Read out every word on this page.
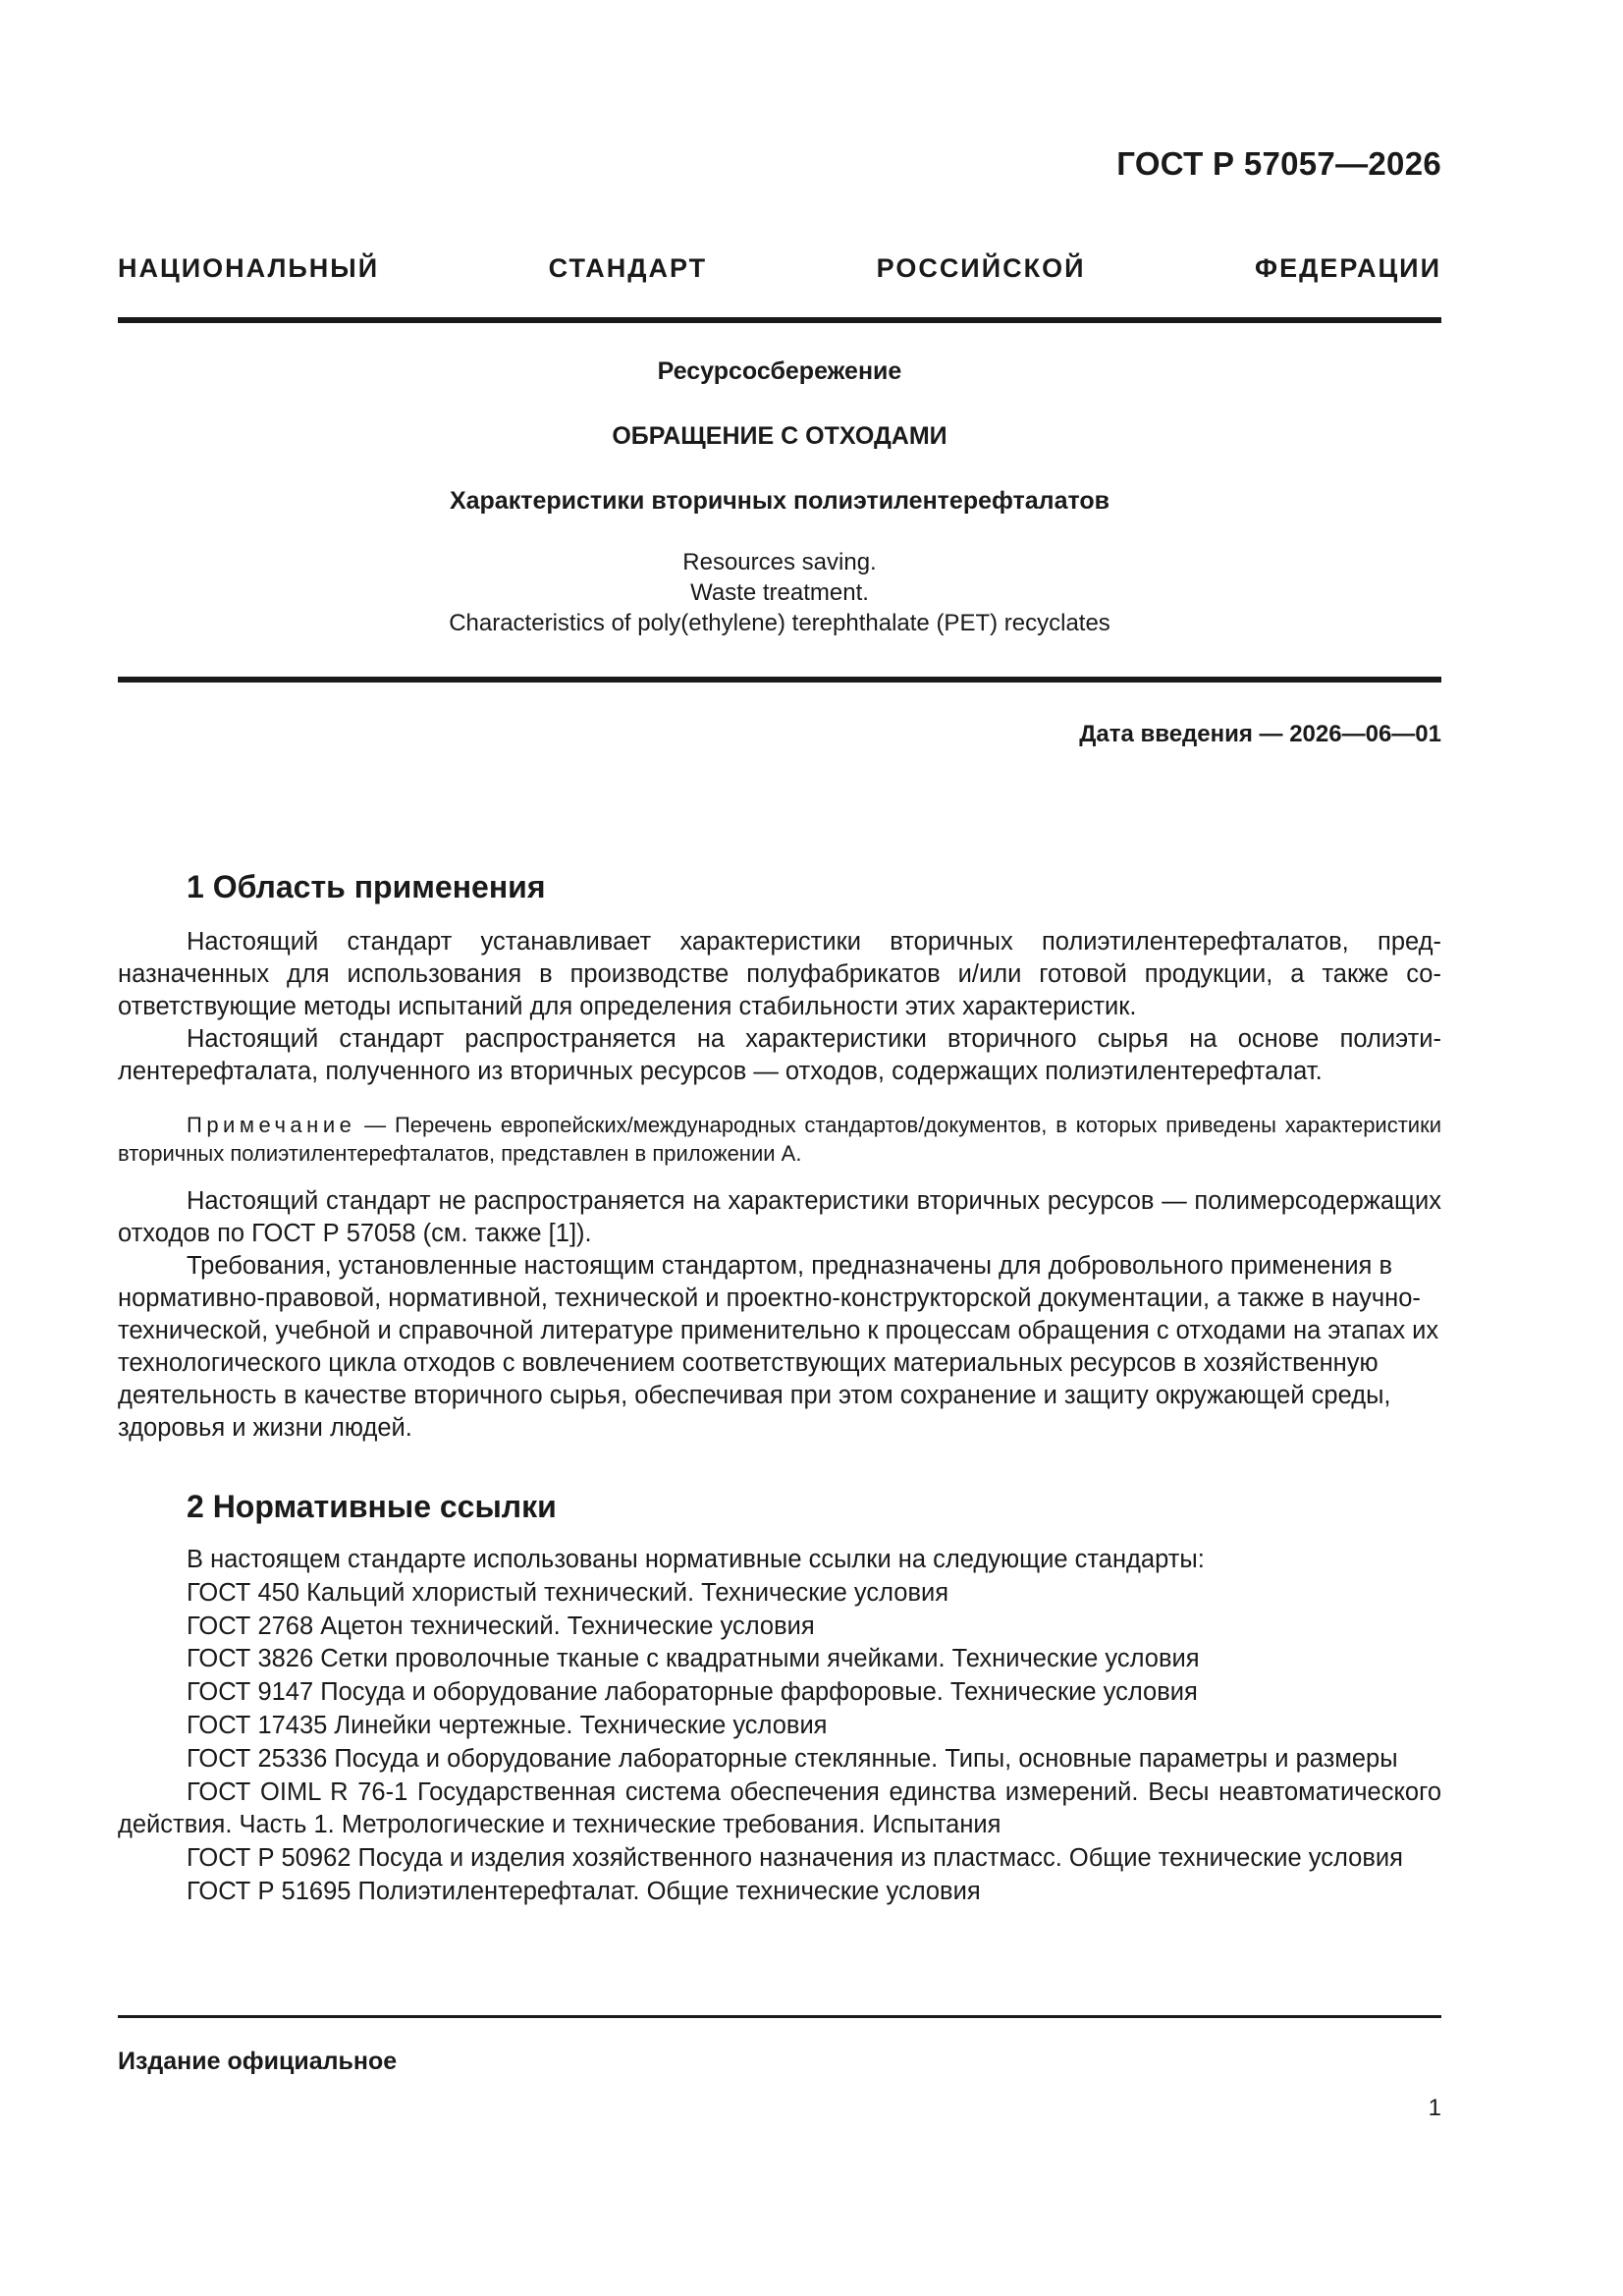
ГОСТ Р 57057—2026
НАЦИОНАЛЬНЫЙ СТАНДАРТ РОССИЙСКОЙ ФЕДЕРАЦИИ
Ресурсосбережение
ОБРАЩЕНИЕ С ОТХОДАМИ
Характеристики вторичных полиэтилентерефталатов
Resources saving.
Waste treatment.
Characteristics of poly(ethylene) terephthalate (PET) recyclates
Дата введения — 2026—06—01
1 Область применения

Настоящий стандарт устанавливает характеристики вторичных полиэтилентерефталатов, предназначенных для использования в производстве полуфабрикатов и/или готовой продукции, а также соответствующие методы испытаний для определения стабильности этих характеристик.

Настоящий стандарт распространяется на характеристики вторичного сырья на основе полиэтилентерефталата, полученного из вторичных ресурсов — отходов, содержащих полиэтилентерефталат.

Примечание — Перечень европейских/международных стандартов/документов, в которых приведены характеристики вторичных полиэтилентерефталатов, представлен в приложении А.

Настоящий стандарт не распространяется на характеристики вторичных ресурсов — полимерсодержащих отходов по ГОСТ Р 57058 (см. также [1]).

Требования, установленные настоящим стандартом, предназначены для добровольного применения в нормативно-правовой, нормативной, технической и проектно-конструкторской документации, а также в научно-технической, учебной и справочной литературе применительно к процессам обращения с отходами на этапах их технологического цикла отходов с вовлечением соответствующих материальных ресурсов в хозяйственную деятельность в качестве вторичного сырья, обеспечивая при этом сохранение и защиту окружающей среды, здоровья и жизни людей.

2 Нормативные ссылки

В настоящем стандарте использованы нормативные ссылки на следующие стандарты:

ГОСТ 450 Кальций хлористый технический. Технические условия

ГОСТ 2768 Ацетон технический. Технические условия

ГОСТ 3826 Сетки проволочные тканые с квадратными ячейками. Технические условия

ГОСТ 9147 Посуда и оборудование лабораторные фарфоровые. Технические условия

ГОСТ 17435 Линейки чертежные. Технические условия

ГОСТ 25336 Посуда и оборудование лабораторные стеклянные. Типы, основные параметры и размеры

ГОСТ OIML R 76-1 Государственная система обеспечения единства измерений. Весы неавтоматического действия. Часть 1. Метрологические и технические требования. Испытания

ГОСТ Р 50962 Посуда и изделия хозяйственного назначения из пластмасс. Общие технические условия

ГОСТ Р 51695 Полиэтилентерефталат. Общие технические условия

Издание официальное
1
